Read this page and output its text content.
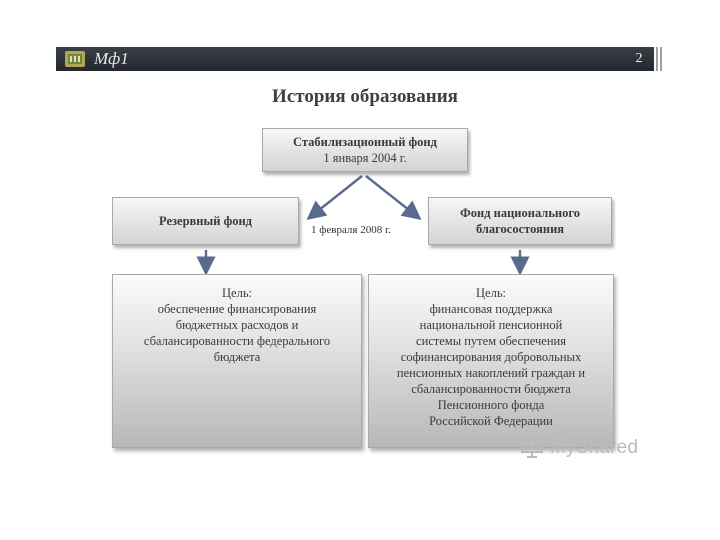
Мф1	2
История образования
Стабилизационный фонд
1 января 2004 г.
1 февраля 2008 г.
Резервный фонд
Фонд национального
благосостояния
Цель:
обеспечение финансирования
бюджетных расходов и
сбалансированности федерального
бюджета
Цель:
финансовая поддержка
национальной пенсионной
системы путем обеспечения
софинансирования добровольных
пенсионных накоплений граждан и
сбалансированности бюджета
Пенсионного фонда
Российской Федерации
MyShared
